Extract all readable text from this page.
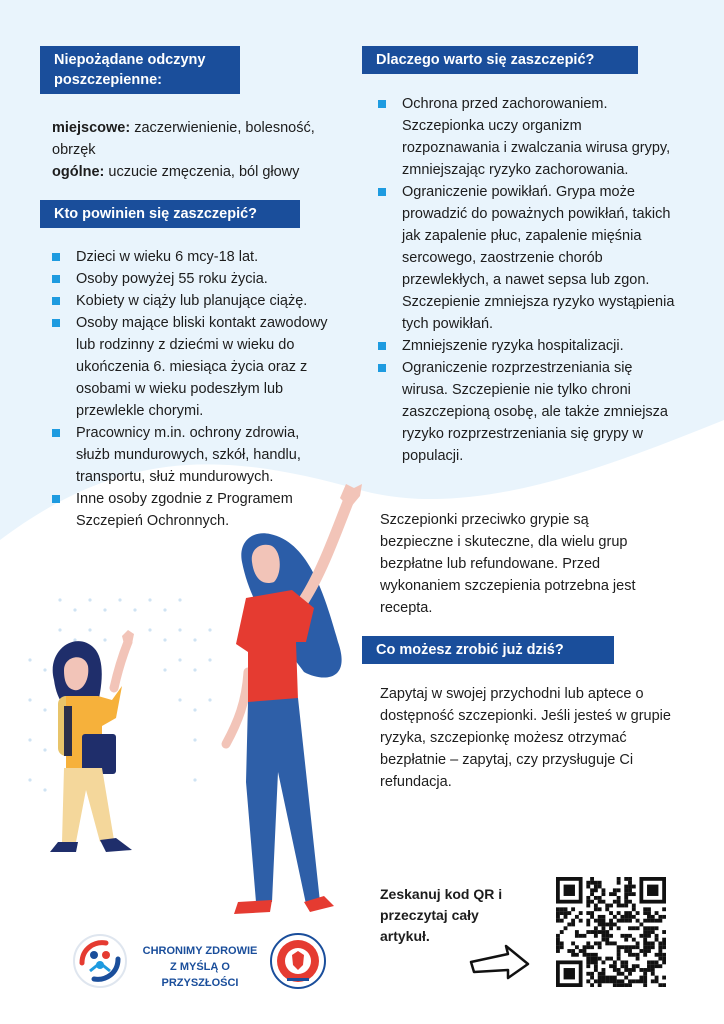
Niepożądane odczyny poszczepienne:
miejscowe: zaczerwienienie, bolesność, obrzęk
ogólne: uczucie zmęczenia, ból głowy
Kto powinien się zaszczepić?
Dzieci w wieku 6 mcy-18 lat.
Osoby powyżej 55 roku życia.
Kobiety w ciąży lub planujące ciążę.
Osoby mające bliski kontakt zawodowy lub rodzinny z dziećmi w wieku do ukończenia 6. miesiąca życia oraz z osobami w wieku podeszłym lub przewlekle chorymi.
Pracownicy m.in. ochrony zdrowia, służb mundurowych, szkół, handlu, transportu, służ mundurowych.
Inne osoby zgodnie z Programem Szczepień Ochronnych.
Dlaczego warto się zaszczepić?
Ochrona przed zachorowaniem. Szczepionka uczy organizm rozpoznawania i zwalczania wirusa grypy, zmniejszając ryzyko zachorowania.
Ograniczenie powikłań. Grypa może prowadzić do poważnych powikłań, takich jak zapalenie płuc, zapalenie mięśnia sercowego, zaostrzenie chorób przewlekłych, a nawet sepsa lub zgon. Szczepienie zmniejsza ryzyko wystąpienia tych powikłań.
Zmniejszenie ryzyka hospitalizacji.
Ograniczenie rozprzestrzeniania się wirusa. Szczepienie nie tylko chroni zaszczepioną osobę, ale także zmniejsza ryzyko rozprzestrzeniania się grypy w populacji.
Szczepionki przeciwko grypie są bezpieczne i skuteczne, dla wielu grup bezpłatne lub refundowane. Przed wykonaniem szczepienia potrzebna jest recepta.
Co możesz zrobić już dziś?
Zapytaj w swojej przychodni lub aptece o dostępność szczepionki. Jeśli jesteś w grupie ryzyka, szczepionkę możesz otrzymać bezpłatnie – zapytaj, czy przysługuje Ci refundacja.
Zeskanuj kod QR i przeczytaj cały artykuł.
CHRONIMY ZDROWIE
Z MYŚLĄ O PRZYSZŁOŚCI
